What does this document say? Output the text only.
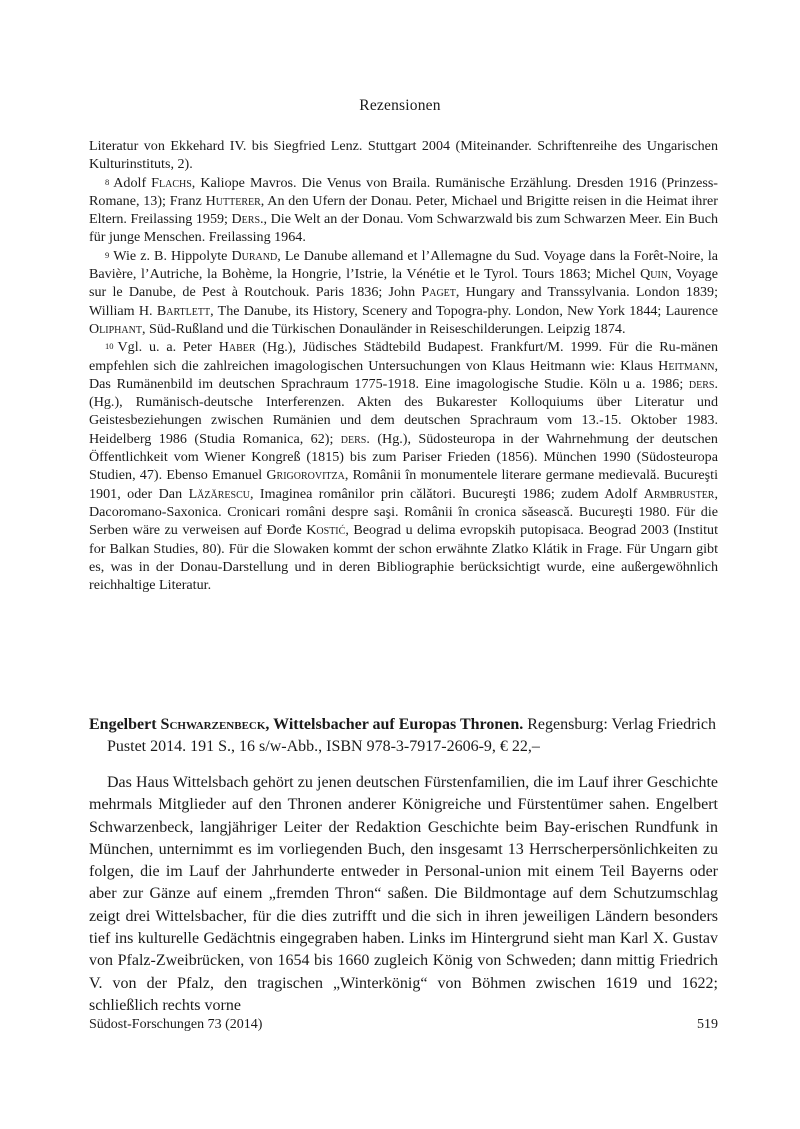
Rezensionen

Literatur von Ekkehard IV. bis Siegfried Lenz. Stuttgart 2004 (Miteinander. Schriftenreihe des Ungarischen Kulturinstituts, 2).

$^8$ Adolf Flachs, Kaliope Mavros. Die Venus von Braila. Rumänische Erzählung. Dresden 1916 (Prinzess-Romane, 13); Franz Hutterer, An den Ufern der Donau. Peter, Michael und Brigitte reisen in die Heimat ihrer Eltern. Freilassing 1959; Ders., Die Welt an der Donau. Vom Schwarzwald bis zum Schwarzen Meer. Ein Buch für junge Menschen. Freilassing 1964.

$^9$ Wie z. B. Hippolyte Durand, Le Danube allemand et l’Allemagne du Sud. Voyage dans la Forêt-Noire, la Bavière, l’Autriche, la Bohème, la Hongrie, l’Istrie, la Vénétie et le Tyrol. Tours 1863; Michel Quin, Voyage sur le Danube, de Pest à Routchouk. Paris 1836; John Paget, Hungary and Transsylvania. London 1839; William H. Bartlett, The Danube, its History, Scenery and Topogra-phy. London, New York 1844; Laurence Oliphant, Süd-Rußland und die Türkischen Donauländer in Reiseschilderungen. Leipzig 1874.

$^{10}$ Vgl. u. a. Peter Haber (Hg.), Jüdisches Städtebild Budapest. Frankfurt/M. 1999. Für die Ru-mänen empfehlen sich die zahlreichen imagologischen Untersuchungen von Klaus Heitmann wie: Klaus Heitmann, Das Rumänenbild im deutschen Sprachraum 1775-1918. Eine imagologische Studie. Köln u a. 1986; ders. (Hg.), Rumänisch-deutsche Interferenzen. Akten des Bukarester Kolloquiums über Literatur und Geistesbeziehungen zwischen Rumänien und dem deutschen Sprachraum vom 13.-15. Oktober 1983. Heidelberg 1986 (Studia Romanica, 62); ders. (Hg.), Südosteuropa in der Wahrnehmung der deutschen Öffentlichkeit vom Wiener Kongreß (1815) bis zum Pariser Frieden (1856). München 1990 (Südosteuropa Studien, 47). Ebenso Emanuel Grigorovitza, Românii în monumentele literare germane medievală. Bucureşti 1901, oder Dan Lăzărescu, Imaginea românilor prin călători. Bucureşti 1986; zudem Adolf Armbruster, Dacoromano-Saxonica. Cronicari români despre saşi. Românii în cronica săsească. Bucureşti 1980. Für die Serben wäre zu verweisen auf Đorđe Kostić, Beograd u delima evropskih putopisaca. Beograd 2003 (Institut for Balkan Studies, 80). Für die Slowaken kommt der schon erwähnte Zlatko Klátik in Frage. Für Ungarn gibt es, was in der Donau-Darstellung und in deren Bibliographie berücksichtigt wurde, eine außergewöhnlich reichhaltige Literatur.

Engelbert Schwarzenbeck, Wittelsbacher auf Europas Thronen. Regensburg: Verlag Friedrich Pustet 2014. 191 S., 16 s/w-Abb., ISBN 978-3-7917-2606-9, € 22,–

Das Haus Wittelsbach gehört zu jenen deutschen Fürstenfamilien, die im Lauf ihrer Geschichte mehrmals Mitglieder auf den Thronen anderer Königreiche und Fürstentümer sahen. Engelbert Schwarzenbeck, langjähriger Leiter der Redaktion Geschichte beim Bay-erischen Rundfunk in München, unternimmt es im vorliegenden Buch, den insgesamt 13 Herrscherpersönlichkeiten zu folgen, die im Lauf der Jahrhunderte entweder in Personal-union mit einem Teil Bayerns oder aber zur Gänze auf einem „fremden Thron“ saßen. Die Bildmontage auf dem Schutzumschlag zeigt drei Wittelsbacher, für die dies zutrifft und die sich in ihren jeweiligen Ländern besonders tief ins kulturelle Gedächtnis eingegraben haben. Links im Hintergrund sieht man Karl X. Gustav von Pfalz-Zweibrücken, von 1654 bis 1660 zugleich König von Schweden; dann mittig Friedrich V. von der Pfalz, den tragischen „Winterkönig“ von Böhmen zwischen 1619 und 1622; schließlich rechts vorne

Südost-Forschungen 73 (2014)	519
